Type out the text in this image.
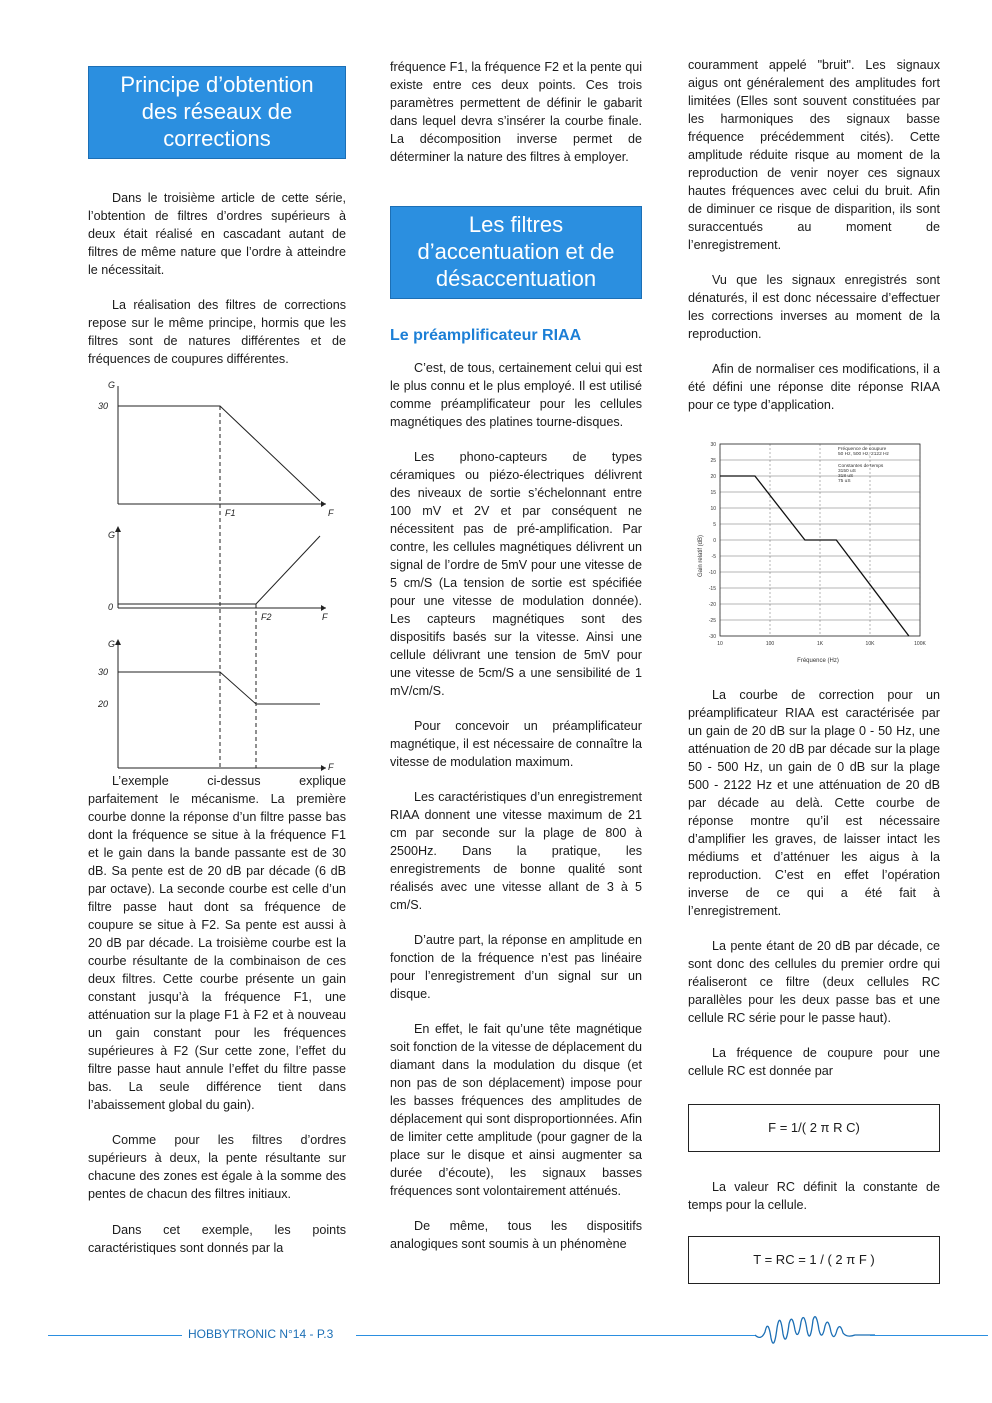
Principe d’obtention
des réseaux de
corrections

Dans le troisième article de cette série, l’obtention de filtres d’ordres supérieurs à deux était réalisé en cascadant autant de filtres de même nature que l’ordre à atteindre le nécessitait.

La réalisation des filtres de corrections repose sur le même principe, hormis que les filtres sont de natures différentes et de fréquences de coupures différentes.

G
30
F1	F
G
0
F2	F
G
30
20
F

L’exemple ci-dessus explique parfaitement le mécanisme. La première courbe donne la réponse d’un filtre passe bas dont la fréquence se situe à la fréquence F1 et le gain dans la bande passante est de 30 dB. Sa pente est de 20 dB par décade (6 dB par octave). La seconde courbe est celle d’un filtre passe haut dont sa fréquence de coupure se situe à F2. Sa pente est aussi à 20 dB par décade. La troisième courbe est la courbe résultante de la combinaison de ces deux filtres. Cette courbe présente un gain constant jusqu’à la fréquence F1, une atténuation sur la plage F1 à F2 et à nouveau un gain constant pour les fréquences supérieures à F2 (Sur cette zone, l’effet du filtre passe haut annule l’effet du filtre passe bas. La seule différence tient dans l’abaissement global du gain).

Comme pour les filtres d’ordres supérieurs à deux, la pente résultante sur chacune des zones est égale à la somme des pentes de chacun des filtres initiaux.

Dans cet exemple, les points caractéristiques sont donnés par la

fréquence F1, la fréquence F2 et la pente qui existe entre ces deux points. Ces trois paramètres permettent de définir le gabarit dans lequel devra s’insérer la courbe finale. La décomposition inverse permet de déterminer la nature des filtres à employer.

Les filtres
d’accentuation et de
désaccentuation
Le préamplificateur RIAA

C’est, de tous, certainement celui qui est le plus connu et le plus employé. Il est utilisé comme préamplificateur pour les cellules magnétiques des platines tourne-disques.

Les phono-capteurs de types céramiques ou piézo-électriques délivrent des niveaux de sortie s’échelonnant entre 100 mV et 2V et par conséquent ne nécessitent pas de pré-amplification. Par contre, les cellules magnétiques délivrent un signal de l’ordre de 5mV pour une vitesse de 5 cm/S (La tension de sortie est spécifiée pour une vitesse de modulation donnée). Les capteurs magnétiques sont des dispositifs basés sur la vitesse. Ainsi une cellule délivrant une tension de 5mV pour une vitesse de 5cm/S a une sensibilité de 1 mV/cm/S.

Pour concevoir un préamplificateur magnétique, il est nécessaire de connaître la vitesse de modulation maximum.

Les caractéristiques d’un enregistrement RIAA donnent une vitesse maximum de 21 cm par seconde sur la plage de 800 à 2500Hz. Dans la pratique, les enregistrements de bonne qualité sont réalisés avec une vitesse allant de 3 à 5 cm/S.

D’autre part, la réponse en amplitude en fonction de la fréquence n’est pas linéaire pour l’enregistrement d’un signal sur un disque.

En effet, le fait qu’une tête magnétique soit fonction de la vitesse de déplacement du diamant dans la modulation du disque (et non pas de son déplacement) impose pour les basses fréquences des amplitudes de déplacement qui sont disproportionnées. Afin de limiter cette amplitude (pour gagner de la place sur le disque et ainsi augmenter sa durée d’écoute), les signaux basses fréquences sont volontairement atténués.

De même, tous les dispositifs analogiques sont soumis à un phénomène

couramment appelé "bruit". Les signaux aigus ont généralement des amplitudes fort limitées (Elles sont souvent constituées par les harmoniques des signaux basse fréquence précédemment cités). Cette amplitude réduite risque au moment de la reproduction de venir noyer ces signaux hautes fréquences avec celui du bruit. Afin de diminuer ce risque de disparition, ils sont suraccentués au moment de l’enregistrement.

Vu que les signaux enregistrés sont dénaturés, il est donc nécessaire d’effectuer les corrections inverses au moment de la reproduction.

Afin de normaliser ces modifications, il a été défini une réponse dite réponse RIAA pour ce type d’application.

30
25
20
15
10
5
0
-5
-10
-15
-20
-25
-30
10	100	1K	10K	100K
Fréquence de coupure
50 Hz, 500 Hz, 2122 Hz
Constantes de temps
3150 uS
318 uS
75 uS
Fréquence (Hz)
Gain relatif (dB)

La courbe de correction pour un préamplificateur RIAA est caractérisée par un gain de 20 dB sur la plage 0 - 50 Hz, une atténuation de 20 dB par décade sur la plage 50 - 500 Hz, un gain de 0 dB sur la plage 500 - 2122 Hz et une atténuation de 20 dB par décade au delà. Cette courbe de réponse montre qu’il est nécessaire d’amplifier les graves, de laisser intact les médiums et d’atténuer les aigus à la reproduction. C’est en effet l’opération inverse de ce qui a été fait à l’enregistrement.

La pente étant de 20 dB par décade, ce sont donc des cellules du premier ordre qui réaliseront ce filtre (deux cellules RC parallèles pour les deux passe bas et une cellule RC série pour le passe haut).

La fréquence de coupure pour une cellule RC est donnée par

F = 1/( 2 π R C)

La valeur RC définit la constante de temps pour la cellule.

T = RC = 1 / ( 2 π F )
HOBBYTRONIC N°14 - P.3
